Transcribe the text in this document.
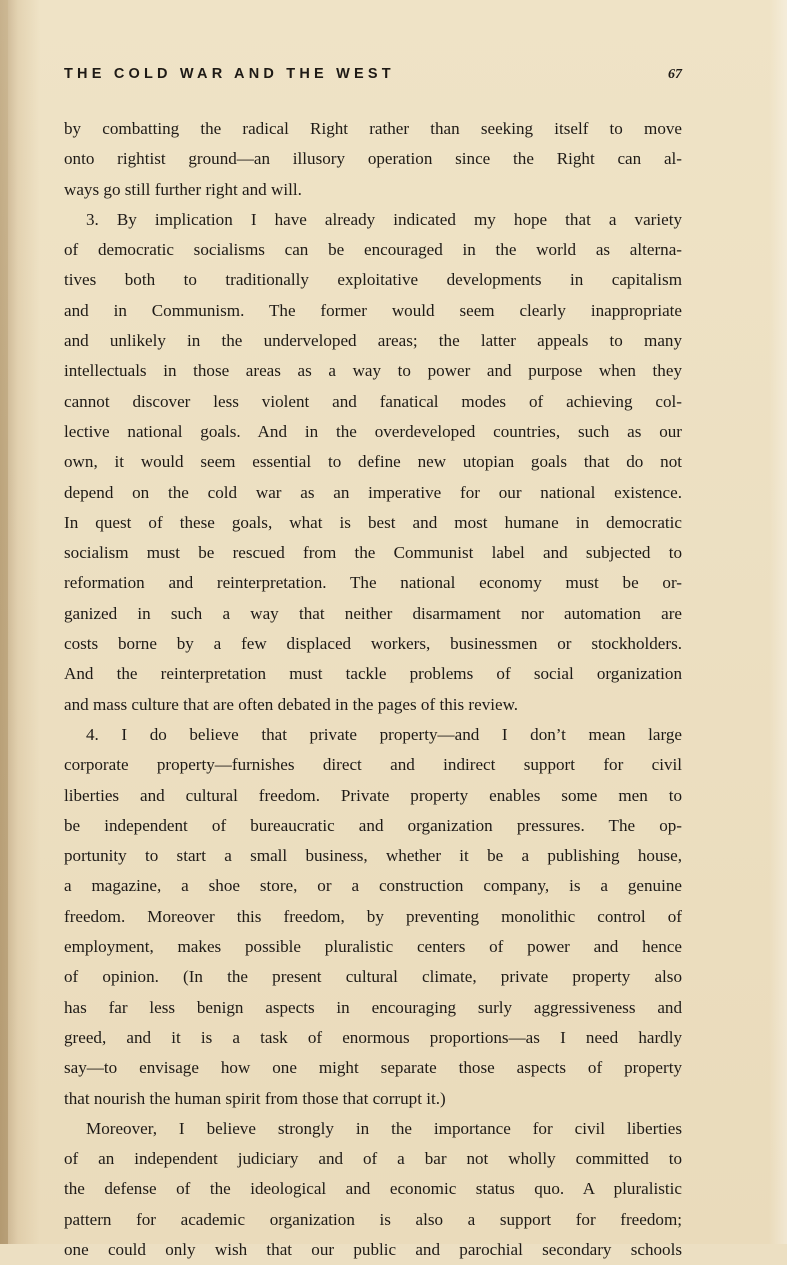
THE COLD WAR AND THE WEST	67
by combatting the radical Right rather than seeking itself to move
onto rightist ground—an illusory operation since the Right can al-
ways go still further right and will.
3. By implication I have already indicated my hope that a variety
of democratic socialisms can be encouraged in the world as alterna-
tives both to traditionally exploitative developments in capitalism
and in Communism. The former would seem clearly inappropriate
and unlikely in the underveloped areas; the latter appeals to many
intellectuals in those areas as a way to power and purpose when they
cannot discover less violent and fanatical modes of achieving col-
lective national goals. And in the overdeveloped countries, such as our
own, it would seem essential to define new utopian goals that do not
depend on the cold war as an imperative for our national existence.
In quest of these goals, what is best and most humane in democratic
socialism must be rescued from the Communist label and subjected to
reformation and reinterpretation. The national economy must be or-
ganized in such a way that neither disarmament nor automation are
costs borne by a few displaced workers, businessmen or stockholders.
And the reinterpretation must tackle problems of social organization
and mass culture that are often debated in the pages of this review.
4. I do believe that private property—and I don’t mean large
corporate property—furnishes direct and indirect support for civil
liberties and cultural freedom. Private property enables some men to
be independent of bureaucratic and organization pressures. The op-
portunity to start a small business, whether it be a publishing house,
a magazine, a shoe store, or a construction company, is a genuine
freedom. Moreover this freedom, by preventing monolithic control of
employment, makes possible pluralistic centers of power and hence
of opinion. (In the present cultural climate, private property also
has far less benign aspects in encouraging surly aggressiveness and
greed, and it is a task of enormous proportions—as I need hardly
say—to envisage how one might separate those aspects of property
that nourish the human spirit from those that corrupt it.)
Moreover, I believe strongly in the importance for civil liberties
of an independent judiciary and of a bar not wholly committed to
the defense of the ideological and economic status quo. A pluralistic
pattern for academic organization is also a support for freedom;
one could only wish that our public and parochial secondary schools
